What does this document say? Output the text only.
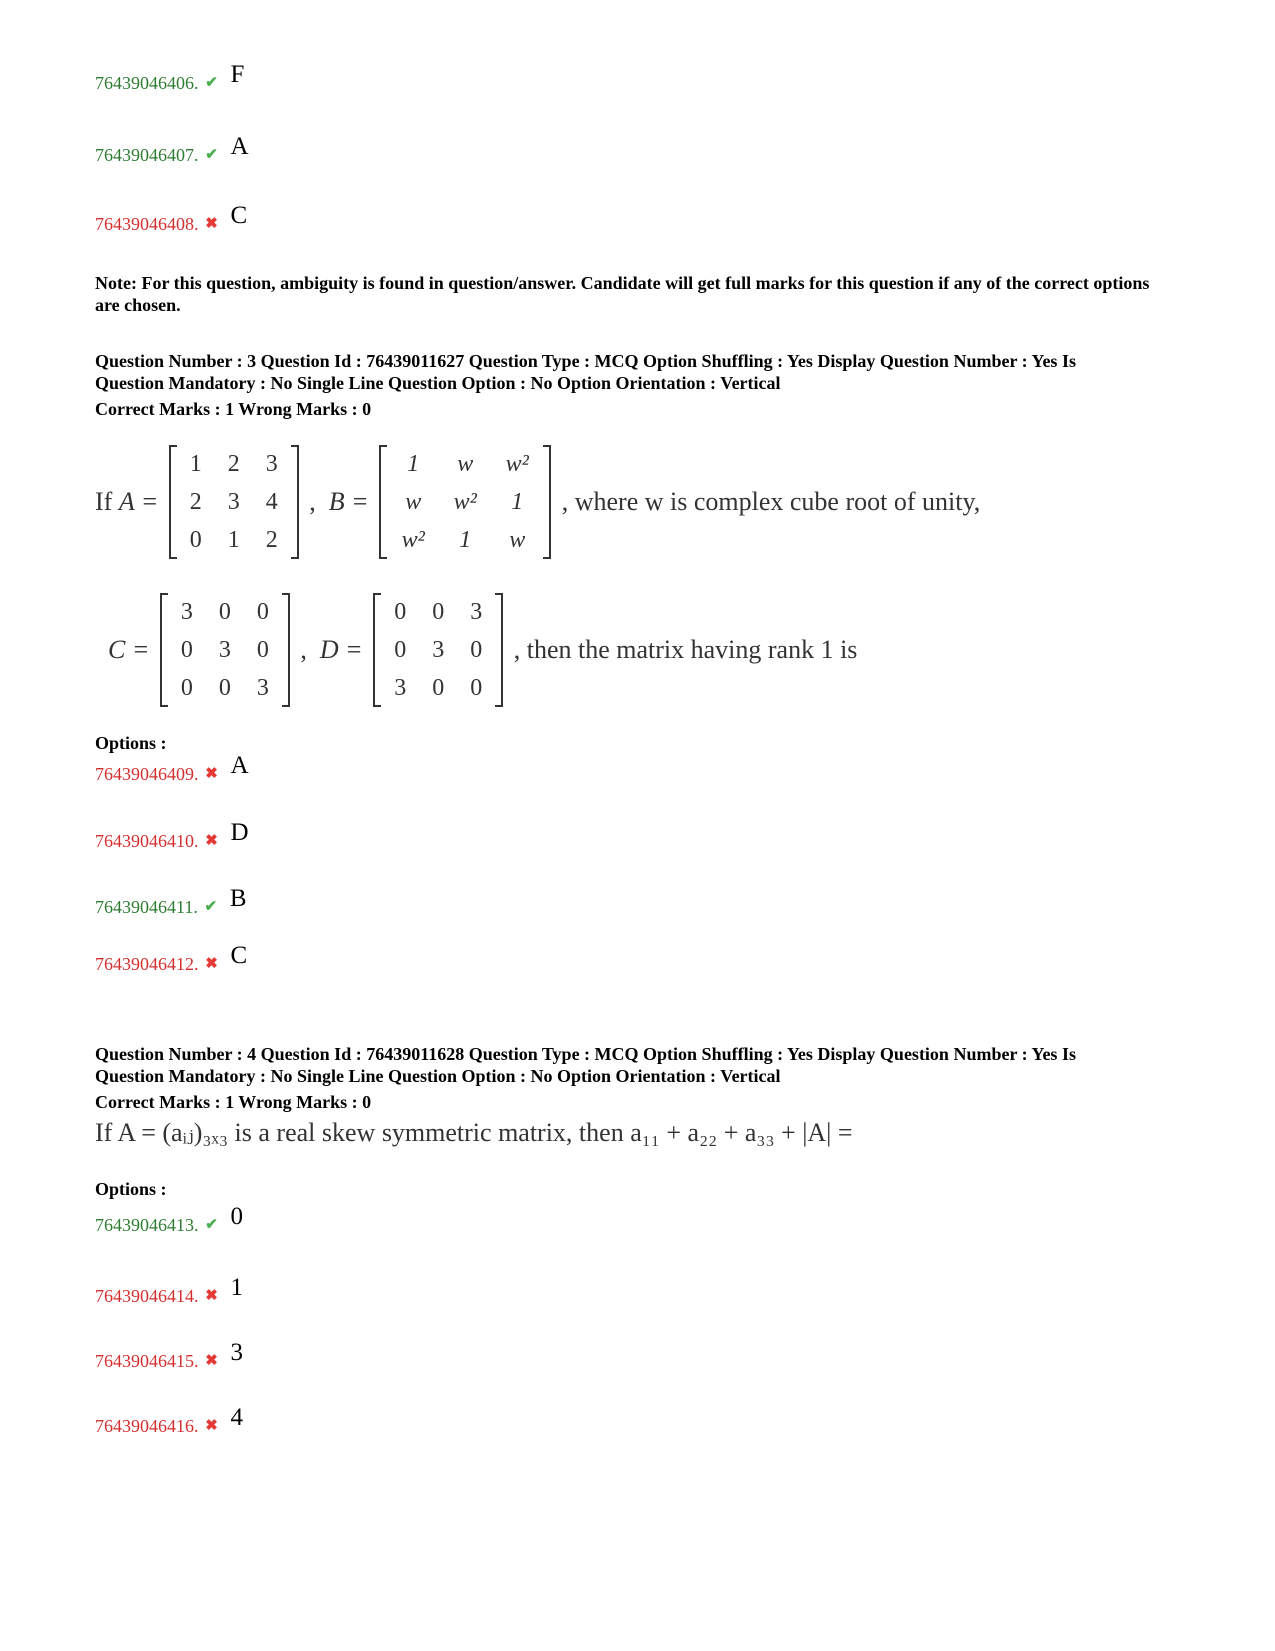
76439046406. ✔ F
76439046407. ✔ A
76439046408. ✖ C
Note: For this question, ambiguity is found in question/answer. Candidate will get full marks for this question if any of the correct options are chosen.
Question Number : 3 Question Id : 76439011627 Question Type : MCQ Option Shuffling : Yes Display Question Number : Yes Is
Question Mandatory : No Single Line Question Option : No Option Orientation : Vertical
Correct Marks : 1 Wrong Marks : 0
If A =
1	2	3
2	3	4
0	1	2
,  B =
1	w	w²
w	w²	1
w²	1	w
, where w is complex cube root of unity,
C =
3	0	0
0	3	0
0	0	3
,  D =
0	0	3
0	3	0
3	0	0
, then the matrix having rank 1 is
Options :
76439046409. ✖ A
76439046410. ✖ D
76439046411. ✔ B
76439046412. ✖ C
Question Number : 4 Question Id : 76439011628 Question Type : MCQ Option Shuffling : Yes Display Question Number : Yes Is
Question Mandatory : No Single Line Question Option : No Option Orientation : Vertical
Correct Marks : 1 Wrong Marks : 0
If A = (aᵢⱼ)₃ₓ₃ is a real skew symmetric matrix, then a₁₁ + a₂₂ + a₃₃ + |A| =
Options :
76439046413. ✔ 0
76439046414. ✖ 1
76439046415. ✖ 3
76439046416. ✖ 4
